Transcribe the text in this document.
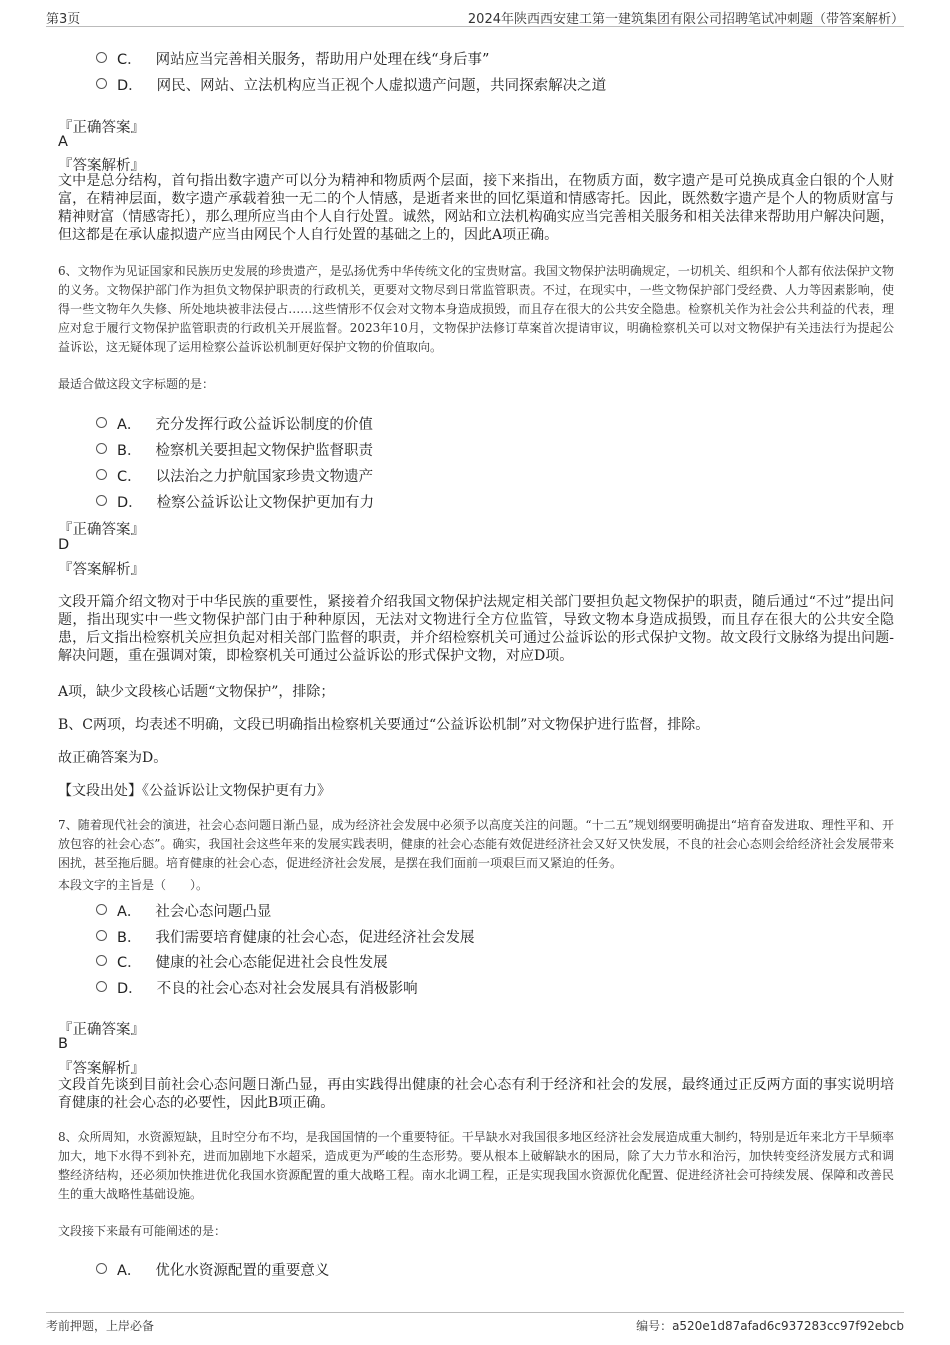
第3页	2024年陕西西安建工第一建筑集团有限公司招聘笔试冲刺题（带答案解析）
C． 网站应当完善相关服务，帮助用户处理在线“身后事”
D． 网民、网站、立法机构应当正视个人虚拟遗产问题，共同探索解决之道
『正确答案』
A
『答案解析』
文中是总分结构，首句指出数字遗产可以分为精神和物质两个层面，接下来指出，在物质方面，数字遗产是可兑换成真金白银的个人财富，在精神层面，数字遗产承载着独一无二的个人情感，是逝者来世的回忆渠道和情感寄托。因此，既然数字遗产是个人的物质财富与精神财富（情感寄托），那么理所应当由个人自行处置。诚然，网站和立法机构确实应当完善相关服务和相关法律来帮助用户解决问题，但这都是在承认虚拟遗产应当由网民个人自行处置的基础之上的，因此A项正确。
6、文物作为见证国家和民族历史发展的珍贵遗产，是弘扬优秀中华传统文化的宝贵财富。我国文物保护法明确规定，一切机关、组织和个人都有依法保护文物的义务。文物保护部门作为担负文物保护职责的行政机关，更要对文物尽到日常监管职责。不过，在现实中，一些文物保护部门受经费、人力等因素影响，使得一些文物年久失修、所处地块被非法侵占……这些情形不仅会对文物本身造成损毁，而且存在很大的公共安全隐患。检察机关作为社会公共利益的代表，理应对怠于履行文物保护监管职责的行政机关开展监督。2023年10月，文物保护法修订草案首次提请审议，明确检察机关可以对文物保护有关违法行为提起公益诉讼，这无疑体现了运用检察公益诉讼机制更好保护文物的价值取向。
最适合做这段文字标题的是：
A． 充分发挥行政公益诉讼制度的价值
B． 检察机关要担起文物保护监督职责
C． 以法治之力护航国家珍贵文物遗产
D． 检察公益诉讼让文物保护更加有力
『正确答案』
D
『答案解析』
文段开篇介绍文物对于中华民族的重要性，紧接着介绍我国文物保护法规定相关部门要担负起文物保护的职责，随后通过“不过”提出问题，指出现实中一些文物保护部门由于种种原因，无法对文物进行全方位监管，导致文物本身造成损毁，而且存在很大的公共安全隐患，后文指出检察机关应担负起对相关部门监督的职责，并介绍检察机关可通过公益诉讼的形式保护文物。故文段行文脉络为提出问题-解决问题，重在强调对策，即检察机关可通过公益诉讼的形式保护文物，对应D项。
A项，缺少文段核心话题“文物保护”，排除；
B、C两项，均表述不明确，文段已明确指出检察机关要通过“公益诉讼机制”对文物保护进行监督，排除。
故正确答案为D。
【文段出处】《公益诉讼让文物保护更有力》
7、随着现代社会的演进，社会心态问题日渐凸显，成为经济社会发展中必须予以高度关注的问题。“十二五”规划纲要明确提出“培育奋发进取、理性平和、开放包容的社会心态”。确实，我国社会这些年来的发展实践表明，健康的社会心态能有效促进经济社会又好又快发展，不良的社会心态则会给经济社会发展带来困扰，甚至拖后腿。培育健康的社会心态，促进经济社会发展，是摆在我们面前一项艰巨而又紧迫的任务。
本段文字的主旨是（　　）。
A． 社会心态问题凸显
B． 我们需要培育健康的社会心态，促进经济社会发展
C． 健康的社会心态能促进社会良性发展
D． 不良的社会心态对社会发展具有消极影响
『正确答案』
B
『答案解析』
文段首先谈到目前社会心态问题日渐凸显，再由实践得出健康的社会心态有利于经济和社会的发展，最终通过正反两方面的事实说明培育健康的社会心态的必要性，因此B项正确。
8、众所周知，水资源短缺，且时空分布不均，是我国国情的一个重要特征。干旱缺水对我国很多地区经济社会发展造成重大制约，特别是近年来北方干旱频率加大，地下水得不到补充，进而加剧地下水超采，造成更为严峻的生态形势。要从根本上破解缺水的困局，除了大力节水和治污，加快转变经济发展方式和调整经济结构，还必须加快推进优化我国水资源配置的重大战略工程。南水北调工程，正是实现我国水资源优化配置、促进经济社会可持续发展、保障和改善民生的重大战略性基础设施。
文段接下来最有可能阐述的是：
A． 优化水资源配置的重要意义
考前押题，上岸必备	编号：a520e1d87afad6c937283cc97f92ebcb
